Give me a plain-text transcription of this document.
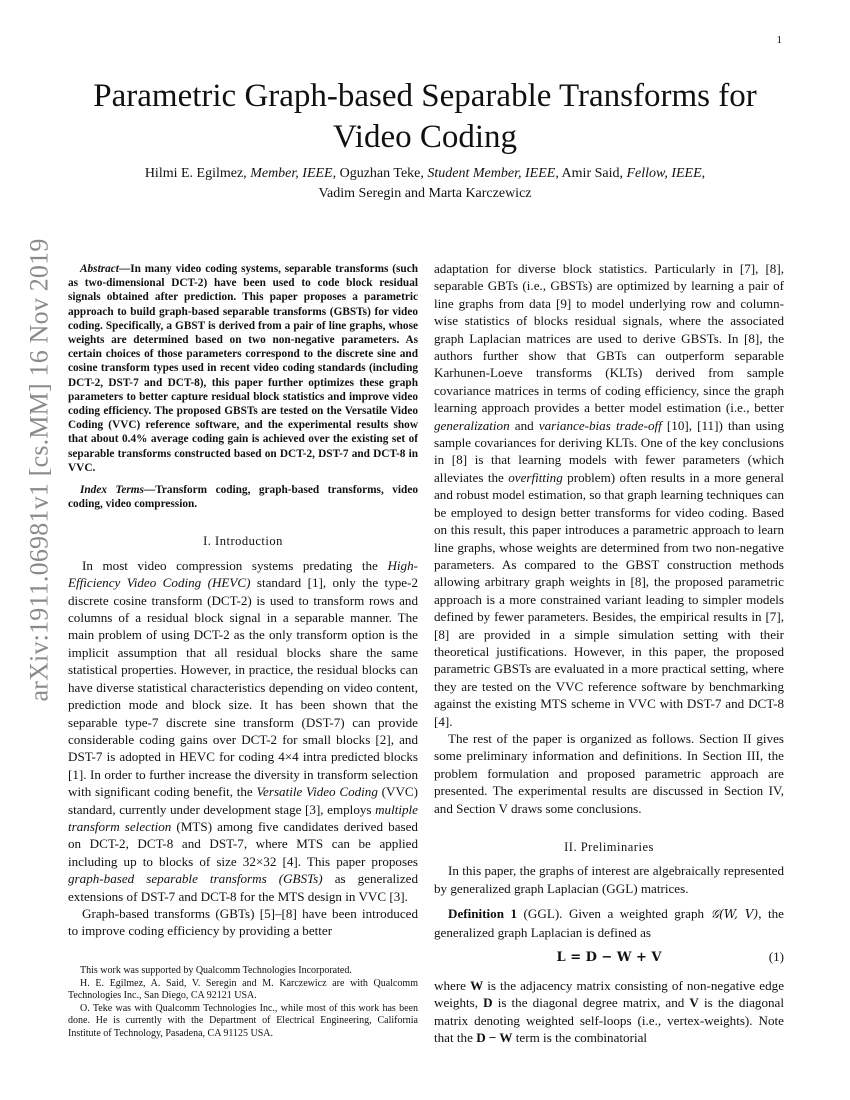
1
arXiv:1911.06981v1 [cs.MM] 16 Nov 2019
Parametric Graph-based Separable Transforms for Video Coding
Hilmi E. Egilmez, Member, IEEE, Oguzhan Teke, Student Member, IEEE, Amir Said, Fellow, IEEE,
Vadim Seregin and Marta Karczewicz

Abstract—In many video coding systems, separable transforms (such as two-dimensional DCT-2) have been used to code block residual signals obtained after prediction. This paper proposes a parametric approach to build graph-based separable transforms (GBSTs) for video coding. Specifically, a GBST is derived from a pair of line graphs, whose weights are determined based on two non-negative parameters. As certain choices of those parameters correspond to the discrete sine and cosine transform types used in recent video coding standards (including DCT-2, DST-7 and DCT-8), this paper further optimizes these graph parameters to better capture residual block statistics and improve video coding efficiency. The proposed GBSTs are tested on the Versatile Video Coding (VVC) reference software, and the experimental results show that about 0.4% average coding gain is achieved over the existing set of separable transforms constructed based on DCT-2, DST-7 and DCT-8 in VVC.

Index Terms—Transform coding, graph-based transforms, video coding, video compression.

I. Introduction

In most video compression systems predating the High-Efficiency Video Coding (HEVC) standard [1], only the type-2 discrete cosine transform (DCT-2) is used to transform rows and columns of a residual block signal in a separable manner. The main problem of using DCT-2 as the only transform option is the implicit assumption that all residual blocks share the same statistical properties. However, in practice, the residual blocks can have diverse statistical characteristics depending on video content, prediction mode and block size. It has been shown that the separable type-7 discrete sine transform (DST-7) can provide considerable coding gains over DCT-2 for small blocks [2], and DST-7 is adopted in HEVC for coding 4×4 intra predicted blocks [1]. In order to further increase the diversity in transform selection with significant coding benefit, the Versatile Video Coding (VVC) standard, currently under development stage [3], employs multiple transform selection (MTS) among five candidates derived based on DCT-2, DCT-8 and DST-7, where MTS can be applied including up to blocks of size 32×32 [4]. This paper proposes graph-based separable transforms (GBSTs) as generalized extensions of DST-7 and DCT-8 for the MTS design in VVC [3].

Graph-based transforms (GBTs) [5]–[8] have been introduced to improve coding efficiency by providing a better

This work was supported by Qualcomm Technologies Incorporated.

H. E. Egilmez, A. Said, V. Seregin and M. Karczewicz are with Qualcomm Technologies Inc., San Diego, CA 92121 USA.

O. Teke was with Qualcomm Technologies Inc., while most of this work has been done. He is currently with the Department of Electrical Engineering, California Institute of Technology, Pasadena, CA 91125 USA.

adaptation for diverse block statistics. Particularly in [7], [8], separable GBTs (i.e., GBSTs) are optimized by learning a pair of line graphs from data [9] to model underlying row and column-wise statistics of blocks residual signals, where the associated graph Laplacian matrices are used to derive GBSTs. In [8], the authors further show that GBTs can outperform separable Karhunen-Loeve transforms (KLTs) derived from sample covariance matrices in terms of coding efficiency, since the graph learning approach provides a better model estimation (i.e., better generalization and variance-bias trade-off [10], [11]) than using sample covariances for deriving KLTs. One of the key conclusions in [8] is that learning models with fewer parameters (which alleviates the overfitting problem) often results in a more general and robust model estimation, so that graph learning techniques can be employed to design better transforms for video coding. Based on this result, this paper introduces a parametric approach to learn line graphs, whose weights are determined from two non-negative parameters. As compared to the GBST construction methods allowing arbitrary graph weights in [8], the proposed parametric approach is a more constrained variant leading to simpler models defined by fewer parameters. Besides, the empirical results in [7], [8] are provided in a simple simulation setting with their theoretical justifications. However, in this paper, the proposed parametric GBSTs are evaluated in a more practical setting, where they are tested on the VVC reference software by benchmarking against the existing MTS scheme in VVC with DST-7 and DCT-8 [4].

The rest of the paper is organized as follows. Section II gives some preliminary information and definitions. In Section III, the problem formulation and proposed parametric approach are presented. The experimental results are discussed in Section IV, and Section V draws some conclusions.

II. Preliminaries

In this paper, the graphs of interest are algebraically represented by generalized graph Laplacian (GGL) matrices.

Definition 1 (GGL). Given a weighted graph 𝒢(W, V), the generalized graph Laplacian is defined as

L = D − W + V	(1)

where W is the adjacency matrix consisting of non-negative edge weights, D is the diagonal degree matrix, and V is the diagonal matrix denoting weighted self-loops (i.e., vertex-weights). Note that the D − W term is the combinatorial
